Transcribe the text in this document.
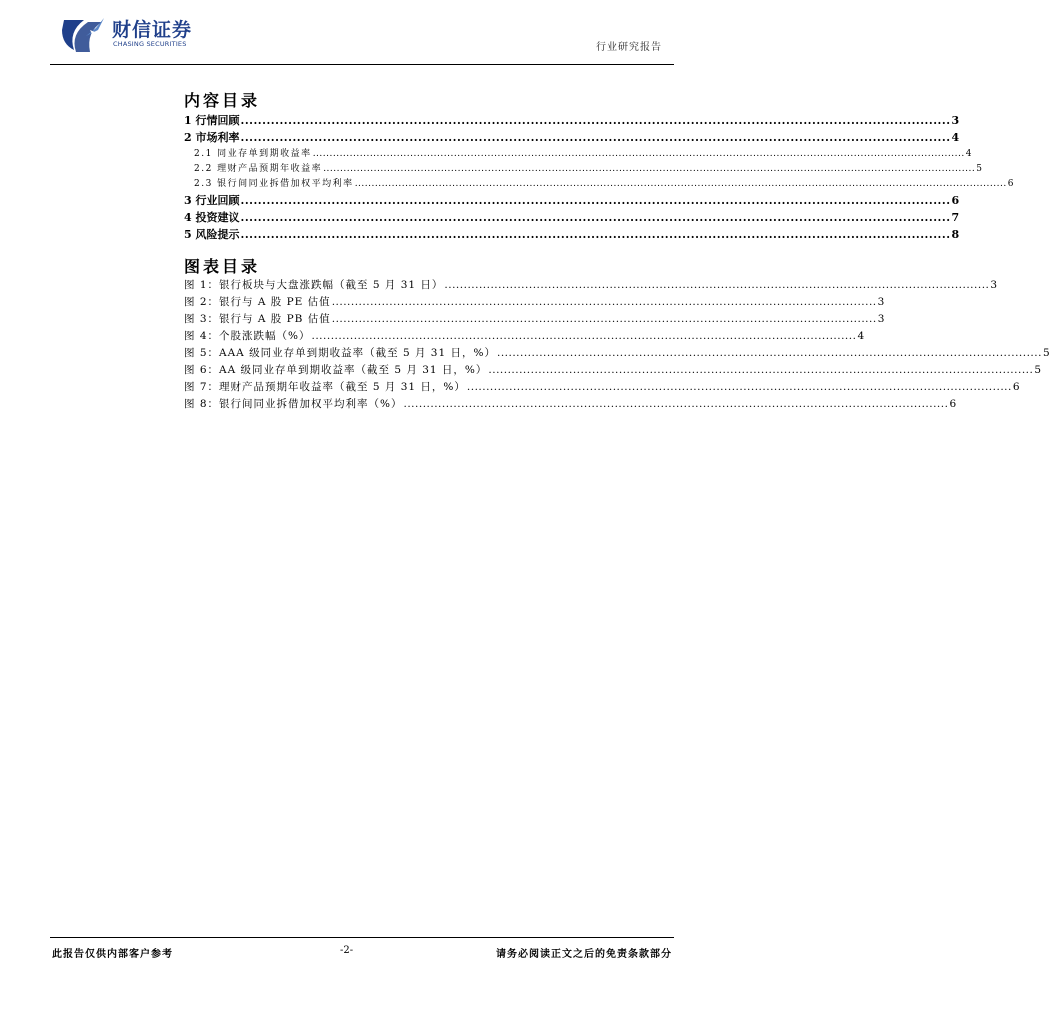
财信证券
CHASING SECURITIES	行业研究报告
内容目录
1 行情回顾 .................................................................................................................................................................... 3
2 市场利率 .................................................................................................................................................................... 4
2.1 同业存单到期收益率 .................................................................................................................................................................................................. 4
2.2 理财产品预期年收益率 .................................................................................................................................................................................................. 5
2.3 银行间同业拆借加权平均利率 .................................................................................................................................................................................................. 6
3 行业回顾 .................................................................................................................................................................... 6
4 投资建议 .................................................................................................................................................................... 7
5 风险提示 .................................................................................................................................................................... 8
图表目录
图 1：银行板块与大盘涨跌幅（截至 5 月 31 日） .............................................................................................................................................. 3
图 2：银行与 A 股 PE 估值 .............................................................................................................................................. 3
图 3：银行与 A 股 PB 估值 .............................................................................................................................................. 3
图 4：个股涨跌幅（%） .............................................................................................................................................. 4
图 5：AAA 级同业存单到期收益率（截至 5 月 31 日，%） .............................................................................................................................................. 5
图 6：AA 级同业存单到期收益率（截至 5 月 31 日，%） .............................................................................................................................................. 5
图 7：理财产品预期年收益率（截至 5 月 31 日，%） .............................................................................................................................................. 6
图 8：银行间同业拆借加权平均利率（%） .............................................................................................................................................. 6
此报告仅供内部客户参考	-2-	请务必阅读正文之后的免责条款部分
